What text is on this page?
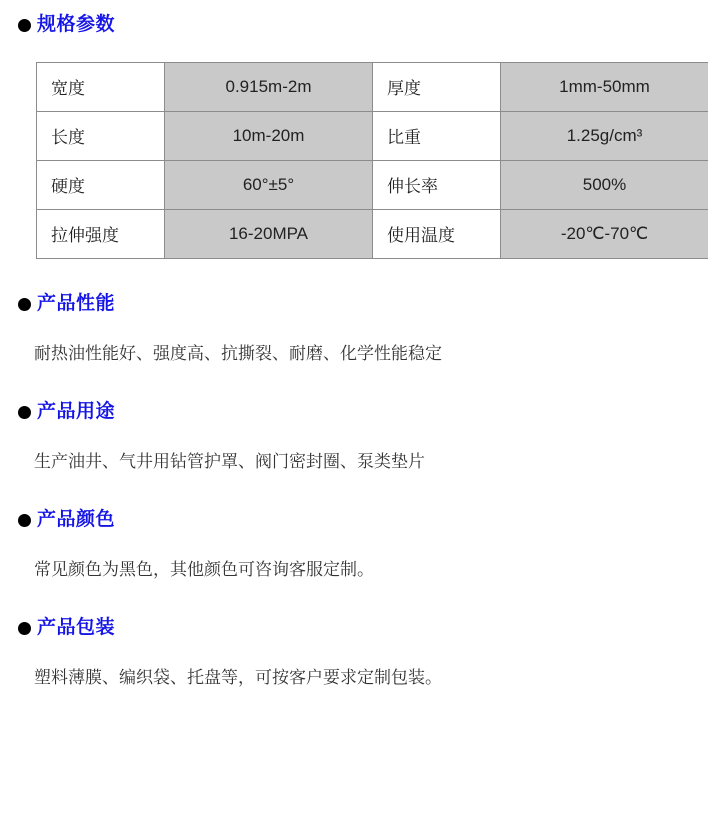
规格参数
宽度	0.915m-2m	厚度	1mm-50mm
长度	10m-20m	比重	1.25g/cm³
硬度	60°±5°	伸长率	500%
拉伸强度	16-20MPA	使用温度	-20℃-70℃
产品性能

耐热油性能好、强度高、抗撕裂、耐磨、化学性能稳定

产品用途

生产油井、气井用钻管护罩、阀门密封圈、泵类垫片

产品颜色

常见颜色为黑色，其他颜色可咨询客服定制。

产品包装

塑料薄膜、编织袋、托盘等，可按客户要求定制包装。
